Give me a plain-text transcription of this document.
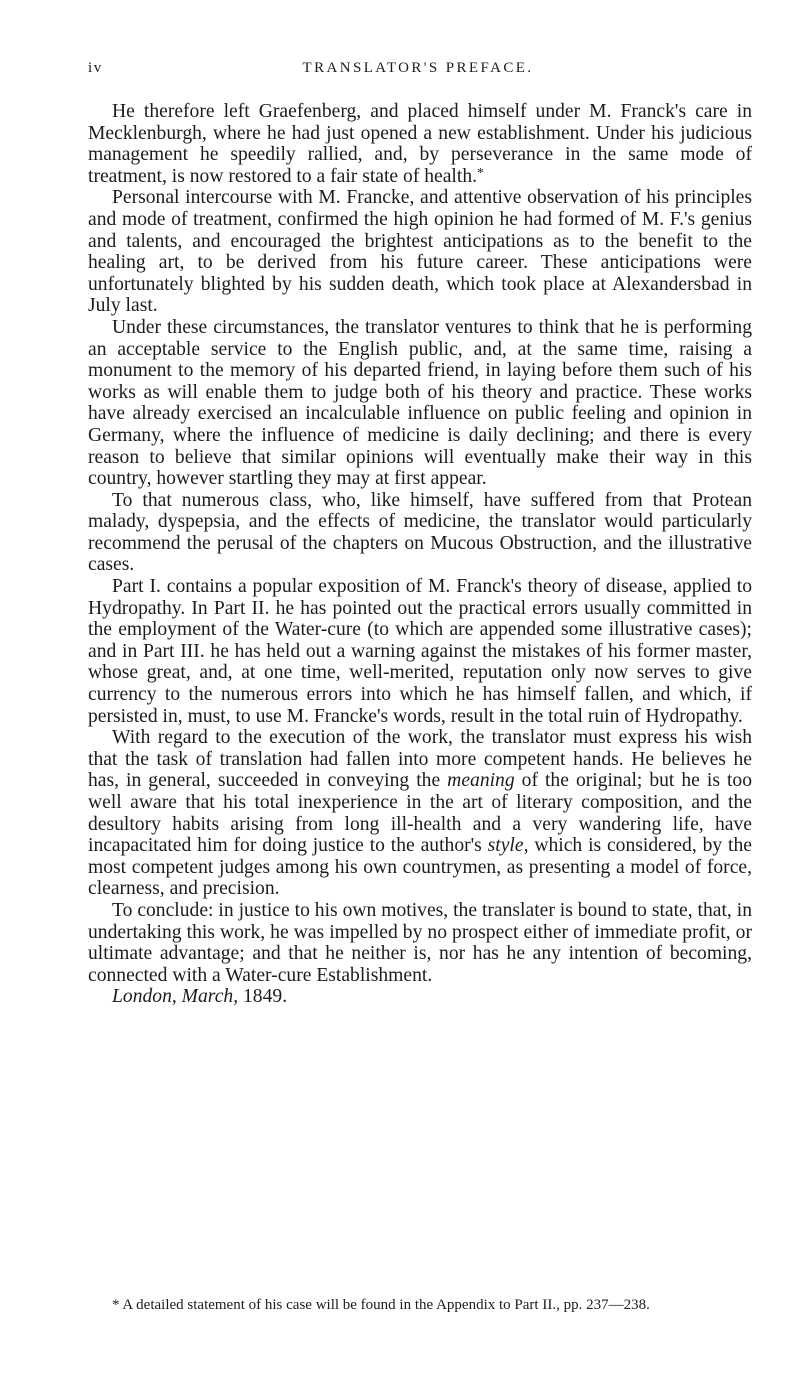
iv	TRANSLATOR'S PREFACE.

He therefore left Graefenberg, and placed himself under M. Franck's care in Mecklenburgh, where he had just opened a new establishment. Under his judicious management he speedily rallied, and, by perseverance in the same mode of treatment, is now restored to a fair state of health.*

Personal intercourse with M. Francke, and attentive observation of his principles and mode of treatment, confirmed the high opinion he had formed of M. F.'s genius and talents, and encouraged the brightest anticipations as to the benefit to the healing art, to be derived from his future career. These anticipations were unfortunately blighted by his sudden death, which took place at Alexandersbad in July last.

Under these circumstances, the translator ventures to think that he is performing an acceptable service to the English public, and, at the same time, raising a monument to the memory of his departed friend, in laying before them such of his works as will enable them to judge both of his theory and practice. These works have already exercised an incalculable influence on public feeling and opinion in Germany, where the influence of medicine is daily declining; and there is every reason to believe that similar opinions will eventually make their way in this country, however startling they may at first appear.

To that numerous class, who, like himself, have suffered from that Protean malady, dyspepsia, and the effects of medicine, the translator would particularly recommend the perusal of the chapters on Mucous Obstruction, and the illustrative cases.

Part I. contains a popular exposition of M. Franck's theory of disease, applied to Hydropathy. In Part II. he has pointed out the practical errors usually committed in the employment of the Water-cure (to which are appended some illustrative cases); and in Part III. he has held out a warning against the mistakes of his former master, whose great, and, at one time, well-merited, reputation only now serves to give currency to the numerous errors into which he has himself fallen, and which, if persisted in, must, to use M. Francke's words, result in the total ruin of Hydropathy.

With regard to the execution of the work, the translator must express his wish that the task of translation had fallen into more competent hands. He believes he has, in general, succeeded in conveying the meaning of the original; but he is too well aware that his total inexperience in the art of literary composition, and the desultory habits arising from long ill-health and a very wandering life, have incapacitated him for doing justice to the author's style, which is considered, by the most competent judges among his own countrymen, as presenting a model of force, clearness, and precision.

To conclude: in justice to his own motives, the translater is bound to state, that, in undertaking this work, he was impelled by no prospect either of immediate profit, or ultimate advantage; and that he neither is, nor has he any intention of becoming, connected with a Water-cure Establishment.

London, March, 1849.

* A detailed statement of his case will be found in the Appendix to Part II., pp. 237—238.
